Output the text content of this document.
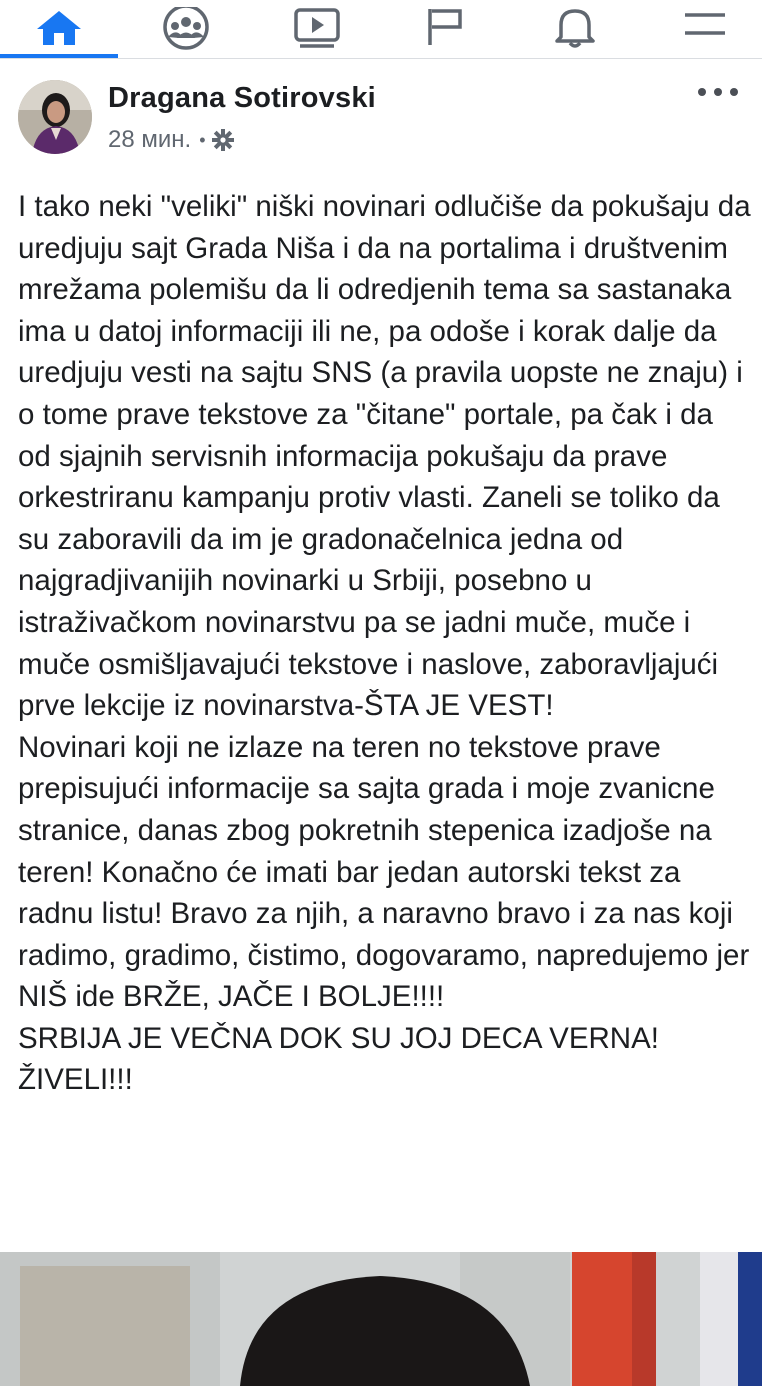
Dragana Sotirovski
28 мин. •

I tako neki "veliki" niški novinari odlučiše da pokušaju da uredjuju sajt Grada Niša i da na portalima i društvenim mrežama polemišu da li odredjenih tema sa sastanaka ima u datoj informaciji ili ne, pa odoše i korak dalje da uredjuju vesti na sajtu SNS (a pravila uopste ne znaju) i o tome prave tekstove za "čitane" portale, pa čak i da od sjajnih servisnih informacija pokušaju da prave orkestriranu kampanju protiv vlasti. Zaneli se toliko da su zaboravili da im je gradonačelnica jedna od najgradjivanijih novinarki u Srbiji, posebno u istraživačkom novinarstvu pa se jadni muče, muče i muče osmišljavajući tekstove i naslove, zaboravljajući prve lekcije iz novinarstva-ŠTA JE VEST!
Novinari koji ne izlaze na teren no tekstove prave prepisujući informacije sa sajta grada i moje zvanicne stranice, danas zbog pokretnih stepenica izadjoše na teren! Konačno će imati bar jedan autorski tekst za radnu listu! Bravo za njih, a naravno bravo i za nas koji radimo, gradimo, čistimo, dogovaramo, napredujemo jer NIŠ ide BRŽE, JAČE I BOLJE!!!!
SRBIJA JE VEČNA DOK SU JOJ DECA VERNA! ŽIVELI!!!
